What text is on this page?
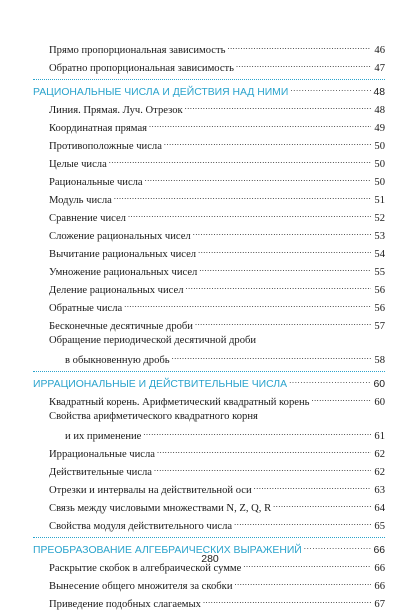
Прямо пропорциональная зависимость .....	46
Обратно пропорциональная зависимость .....	47
РАЦИОНАЛЬНЫЕ ЧИСЛА И ДЕЙСТВИЯ НАД НИМИ .....	48
Линия. Прямая. Луч. Отрезок .....	48
Координатная прямая .....	49
Противоположные числа .....	50
Целые числа .....	50
Рациональные числа .....	50
Модуль числа .....	51
Сравнение чисел .....	52
Сложение рациональных чисел .....	53
Вычитание рациональных чисел .....	54
Умножение рациональных чисел .....	55
Деление рациональных чисел .....	56
Обратные числа .....	56
Бесконечные десятичные дроби .....	57
Обращение периодической десятичной дроби
в обыкновенную дробь .....	58
ИРРАЦИОНАЛЬНЫЕ И ДЕЙСТВИТЕЛЬНЫЕ ЧИСЛА .....	60
Квадратный корень. Арифметический квадратный корень .....	60
Свойства арифметического квадратного корня
и их применение .....	61
Иррациональные числа .....	62
Действительные числа .....	62
Отрезки и интервалы на действительной оси .....	63
Связь между числовыми множествами N, Z, Q, R .....	64
Свойства модуля действительного числа .....	65
ПРЕОБРАЗОВАНИЕ АЛГЕБРАИЧЕСКИХ ВЫРАЖЕНИЙ .....	66
Раскрытие скобок в алгебраической сумме .....	66
Вынесение общего множителя за скобки .....	66
Приведение подобных слагаемых .....	67
280
